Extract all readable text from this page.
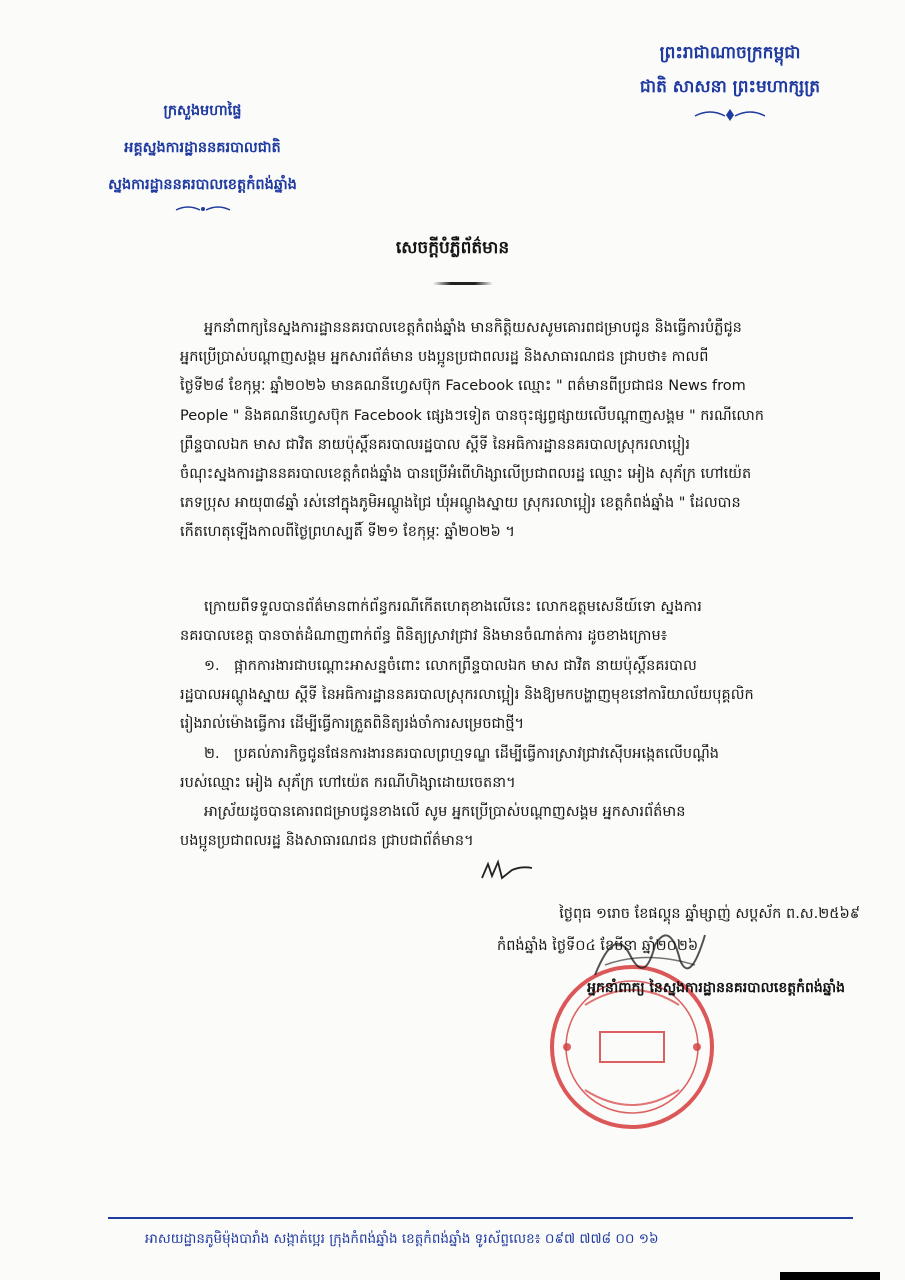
ព្រះរាជាណាចក្រកម្ពុជា
ជាតិ សាសនា ព្រះមហាក្សត្រ
ក្រសួងមហាផ្ទៃ
អគ្គស្នងការដ្ឋាននគរបាលជាតិ
ស្នងការដ្ឋាននគរបាលខេត្តកំពង់ឆ្នាំង
សេចក្តីបំភ្លឺព័ត៌មាន
អ្នកនាំពាក្យនៃស្នងការដ្ឋាននគរបាលខេត្តកំពង់ឆ្នាំង មានកិត្តិយសសូមគោរពជម្រាបជូន និងធ្វើការបំភ្លឺជូន
អ្នកប្រើប្រាស់បណ្តាញសង្គម អ្នកសារព័ត៌មាន បងប្អូនប្រជាពលរដ្ឋ និងសាធារណជន ជ្រាបថា៖ កាលពី
ថ្ងៃទី២៨ ខែកុម្ភៈ ឆ្នាំ២០២៦ មានគណនីហ្វេសប៊ុក Facebook ឈ្មោះ " ពត៌មានពីប្រជាជន News from
People " និងគណនីហ្វេសប៊ុក Facebook ផ្សេងៗទៀត បានចុះផ្សព្វផ្សាយលើបណ្តាញសង្គម " ករណីលោក
ព្រឹន្ទបាលឯក មាស ជាវិត នាយប៉ុស្តិ៍នគរបាលរដ្ឋបាល ស្តីទី នៃអធិការដ្ឋាននគរបាលស្រុករលាប្អៀរ
ចំណុះស្នងការដ្ឋាននគរបាលខេត្តកំពង់ឆ្នាំង បានប្រើអំពើហិង្សាលើប្រជាពលរដ្ឋ ឈ្មោះ អៀង សុភ័ក្រ ហៅយ៉េត
ភេទប្រុស អាយុ៣៨ឆ្នាំ រស់នៅក្នុងភូមិអណ្តូងជ្រៃ ឃុំអណ្តូងស្នាយ ស្រុករលាប្អៀរ ខេត្តកំពង់ឆ្នាំង " ដែលបាន
កើតហេតុឡើងកាលពីថ្ងៃព្រហស្បតិ៍ ទី២១ ខែកុម្ភៈ ឆ្នាំ២០២៦ ។
ក្រោយពីទទួលបានព័ត៌មានពាក់ព័ន្ធករណីកើតហេតុខាងលើនេះ លោកឧត្តមសេនីយ៍ទោ ស្នងការ
នគរបាលខេត្ត បានចាត់ដំណាញពាក់ព័ន្ធ ពិនិត្យស្រាវជ្រាវ និងមានចំណាត់ការ ដូចខាងក្រោម៖
១. ផ្អាកការងារជាបណ្តោះអាសន្នចំពោះ លោកព្រឹន្ទបាលឯក មាស ជាវិត នាយប៉ុស្តិ៍នគរបាល
រដ្ឋបាលអណ្តូងស្នាយ ស្តីទី នៃអធិការដ្ឋាននគរបាលស្រុករលាប្អៀរ និងឱ្យមកបង្ហាញមុខនៅការិយាល័យបុគ្គលិក
រៀងរាល់ម៉ោងធ្វើការ ដើម្បីធ្វើការត្រួតពិនិត្យរង់ចាំការសម្រេចជាថ្មី។
២. ប្រគល់ភារកិច្ចជូនផែនការងារនគរបាលព្រហ្មទណ្ឌ ដើម្បីធ្វើការស្រាវជ្រាវស៊ើបអង្កេតលើបណ្តឹង
របស់ឈ្មោះ អៀង សុភ័ក្រ ហៅយ៉េត ករណីហិង្សាដោយចេតនា។
អាស្រ័យដូចបានគោរពជម្រាបជូនខាងលើ សូម អ្នកប្រើប្រាស់បណ្តាញសង្គម អ្នកសារព័ត៌មាន
បងប្អូនប្រជាពលរដ្ឋ និងសាធារណជន ជ្រាបជាព័ត៌មាន។
ថ្ងៃពុធ ១រោច ខែផល្គុន ឆ្នាំម្សាញ់ សប្តស័ក ព.ស.២៥៦៩
កំពង់ឆ្នាំង ថ្ងៃទី០៤ ខែមីនា ឆ្នាំ២០២៦
អ្នកនាំពាក្យ នៃស្នងការដ្ឋាននគរបាលខេត្តកំពង់ឆ្នាំង
អាសយដ្ឋានភូមិម៉ុងបារាំង សង្កាត់ប្អេរ ក្រុងកំពង់ឆ្នាំង ខេត្តកំពង់ឆ្នាំង ទូរស័ព្ទលេខ៖ ០៩៧ ៧៧៨ ០០ ១៦
